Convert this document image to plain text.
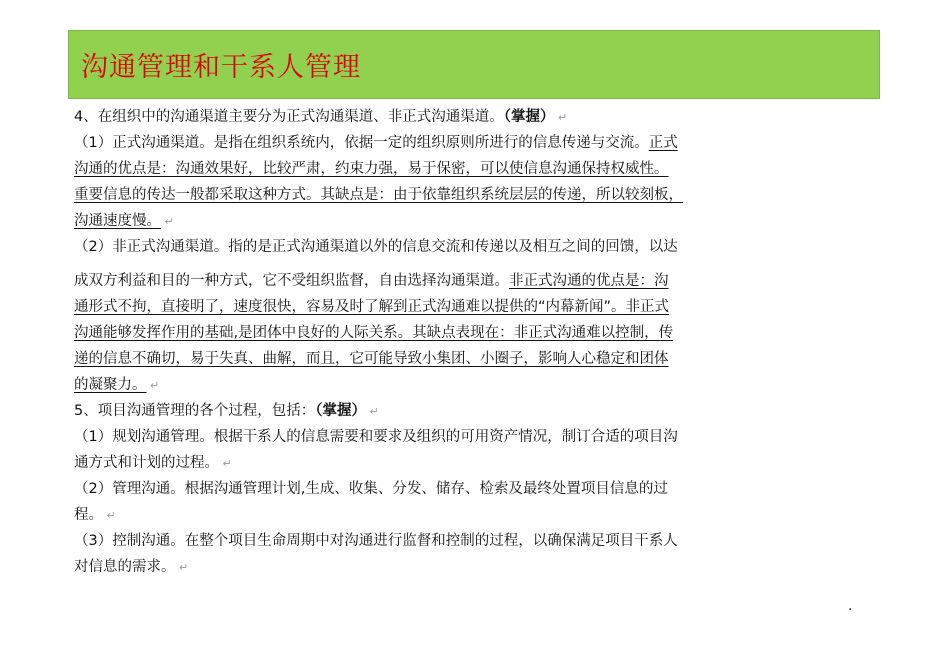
沟通管理和干系人管理
4、在组织中的沟通渠道主要分为正式沟通渠道、非正式沟通渠道。（掌握） ↵
（1）正式沟通渠道。是指在组织系统内，依据一定的组织原则所进行的信息传递与交流。正式
沟通的优点是：沟通效果好，比较严肃，约束力强，易于保密，可以使信息沟通保持权威性。
重要信息的传达一般都采取这种方式。其缺点是：由于依靠组织系统层层的传递，所以较刻板，
沟通速度慢。 ↵
（2）非正式沟通渠道。指的是正式沟通渠道以外的信息交流和传递以及相互之间的回馈，以达
成双方利益和目的一种方式，它不受组织监督，自由选择沟通渠道。非正式沟通的优点是：沟
通形式不拘，直接明了，速度很快，容易及时了解到正式沟通难以提供的“内幕新闻”。非正式
沟通能够发挥作用的基础,是团体中良好的人际关系。其缺点表现在：非正式沟通难以控制，传
递的信息不确切，易于失真、曲解，而且，它可能导致小集团、小圈子，影响人心稳定和团体
的凝聚力。 ↵
5、项目沟通管理的各个过程，包括：（掌握） ↵
（1）规划沟通管理。根据干系人的信息需要和要求及组织的可用资产情况，制订合适的项目沟
通方式和计划的过程。 ↵
（2）管理沟通。根据沟通管理计划,生成、收集、分发、储存、检索及最终处置项目信息的过
程。 ↵
（3）控制沟通。在整个项目生命周期中对沟通进行监督和控制的过程，以确保满足项目干系人
对信息的需求。 ↵
.
